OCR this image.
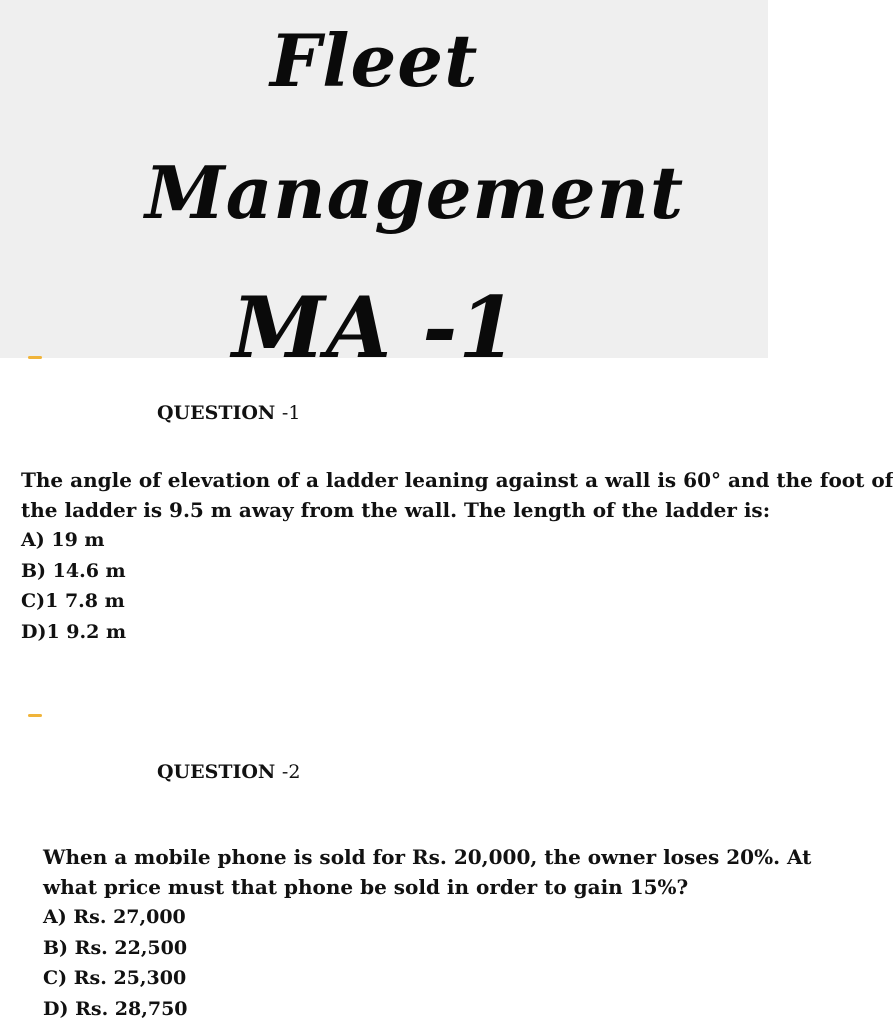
Fleet
Management
MA -1
QUESTION -1
The angle of elevation of a ladder leaning against a wall is 60° and the foot of
the ladder is 9.5 m away from the wall. The length of the ladder is:
A) 19 m
B) 14.6 m
C)1 7.8 m
D)1 9.2 m
QUESTION -2
When a mobile phone is sold for Rs. 20,000, the owner loses 20%. At
what price must that phone be sold in order to gain 15%?
A) Rs. 27,000
B) Rs. 22,500
C) Rs. 25,300
D) Rs. 28,750
